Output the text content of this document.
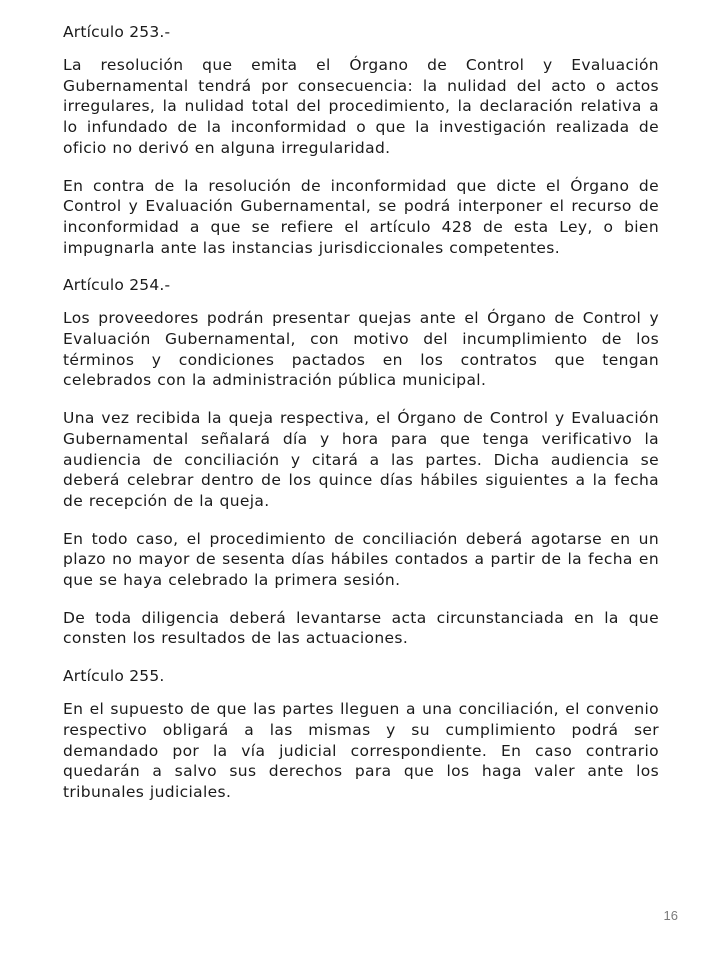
Artículo 253.-

La resolución que emita el Órgano de Control y Evaluación Gubernamental tendrá por consecuencia: la nulidad del acto o actos irregulares, la nulidad total del procedimiento, la declaración relativa a lo infundado de la inconformidad o que la investigación realizada de oficio no derivó en alguna irregularidad.

En contra de la resolución de inconformidad que dicte el Órgano de Control y Evaluación Gubernamental, se podrá interponer el recurso de inconformidad a que se refiere el artículo 428 de esta Ley, o bien impugnarla ante las instancias jurisdiccionales competentes.

Artículo 254.-

Los proveedores podrán presentar quejas ante el Órgano de Control y Evaluación Gubernamental, con motivo del incumplimiento de los términos y condiciones pactados en los contratos que tengan celebrados con la administración pública municipal.

Una vez recibida la queja respectiva, el Órgano de Control y Evaluación Gubernamental señalará día y hora para que tenga verificativo la audiencia de conciliación y citará a las partes. Dicha audiencia se deberá celebrar dentro de los quince días hábiles siguientes a la fecha de recepción de la queja.

En todo caso, el procedimiento de conciliación deberá agotarse en un plazo no mayor de sesenta días hábiles contados a partir de la fecha en que se haya celebrado la primera sesión.

De toda diligencia deberá levantarse acta circunstanciada en la que consten los resultados de las actuaciones.

Artículo 255.

En el supuesto de que las partes lleguen a una conciliación, el convenio respectivo obligará a las mismas y su cumplimiento podrá ser demandado por la vía judicial correspondiente. En caso contrario quedarán a salvo sus derechos para que los haga valer ante los tribunales judiciales.

16
